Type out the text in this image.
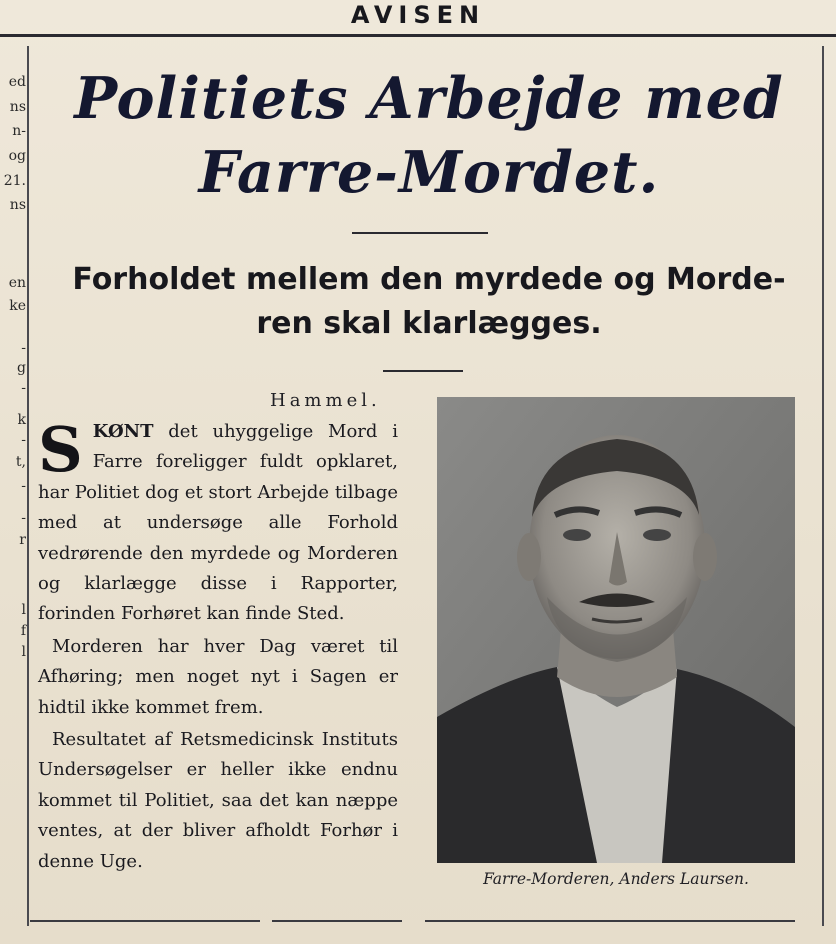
AVISEN
ed
ns
n-
og
21.
ns
en
ke
-
g
-
k
-
t,
-
-
r
l
f
l
Politiets Arbejde med
Farre-Mordet.
Forholdet mellem den myrdede og Morde-
ren skal klarlægges.
Hammel.

SKØNT det uhyggelige Mord i Farre foreligger fuldt opklaret, har Politiet dog et stort Arbejde tilbage med at undersøge alle Forhold vedrørende den myrdede og Morderen og klarlægge disse i Rapporter, forinden Forhøret kan finde Sted.

Morderen har hver Dag været til Afhøring; men noget nyt i Sagen er hidtil ikke kommet frem.

Resultatet af Retsmedicinsk Instituts Undersøgelser er heller ikke endnu kommet til Politiet, saa det kan næppe ventes, at der bliver afholdt Forhør i denne Uge.

Farre-Morderen, Anders Laursen.
